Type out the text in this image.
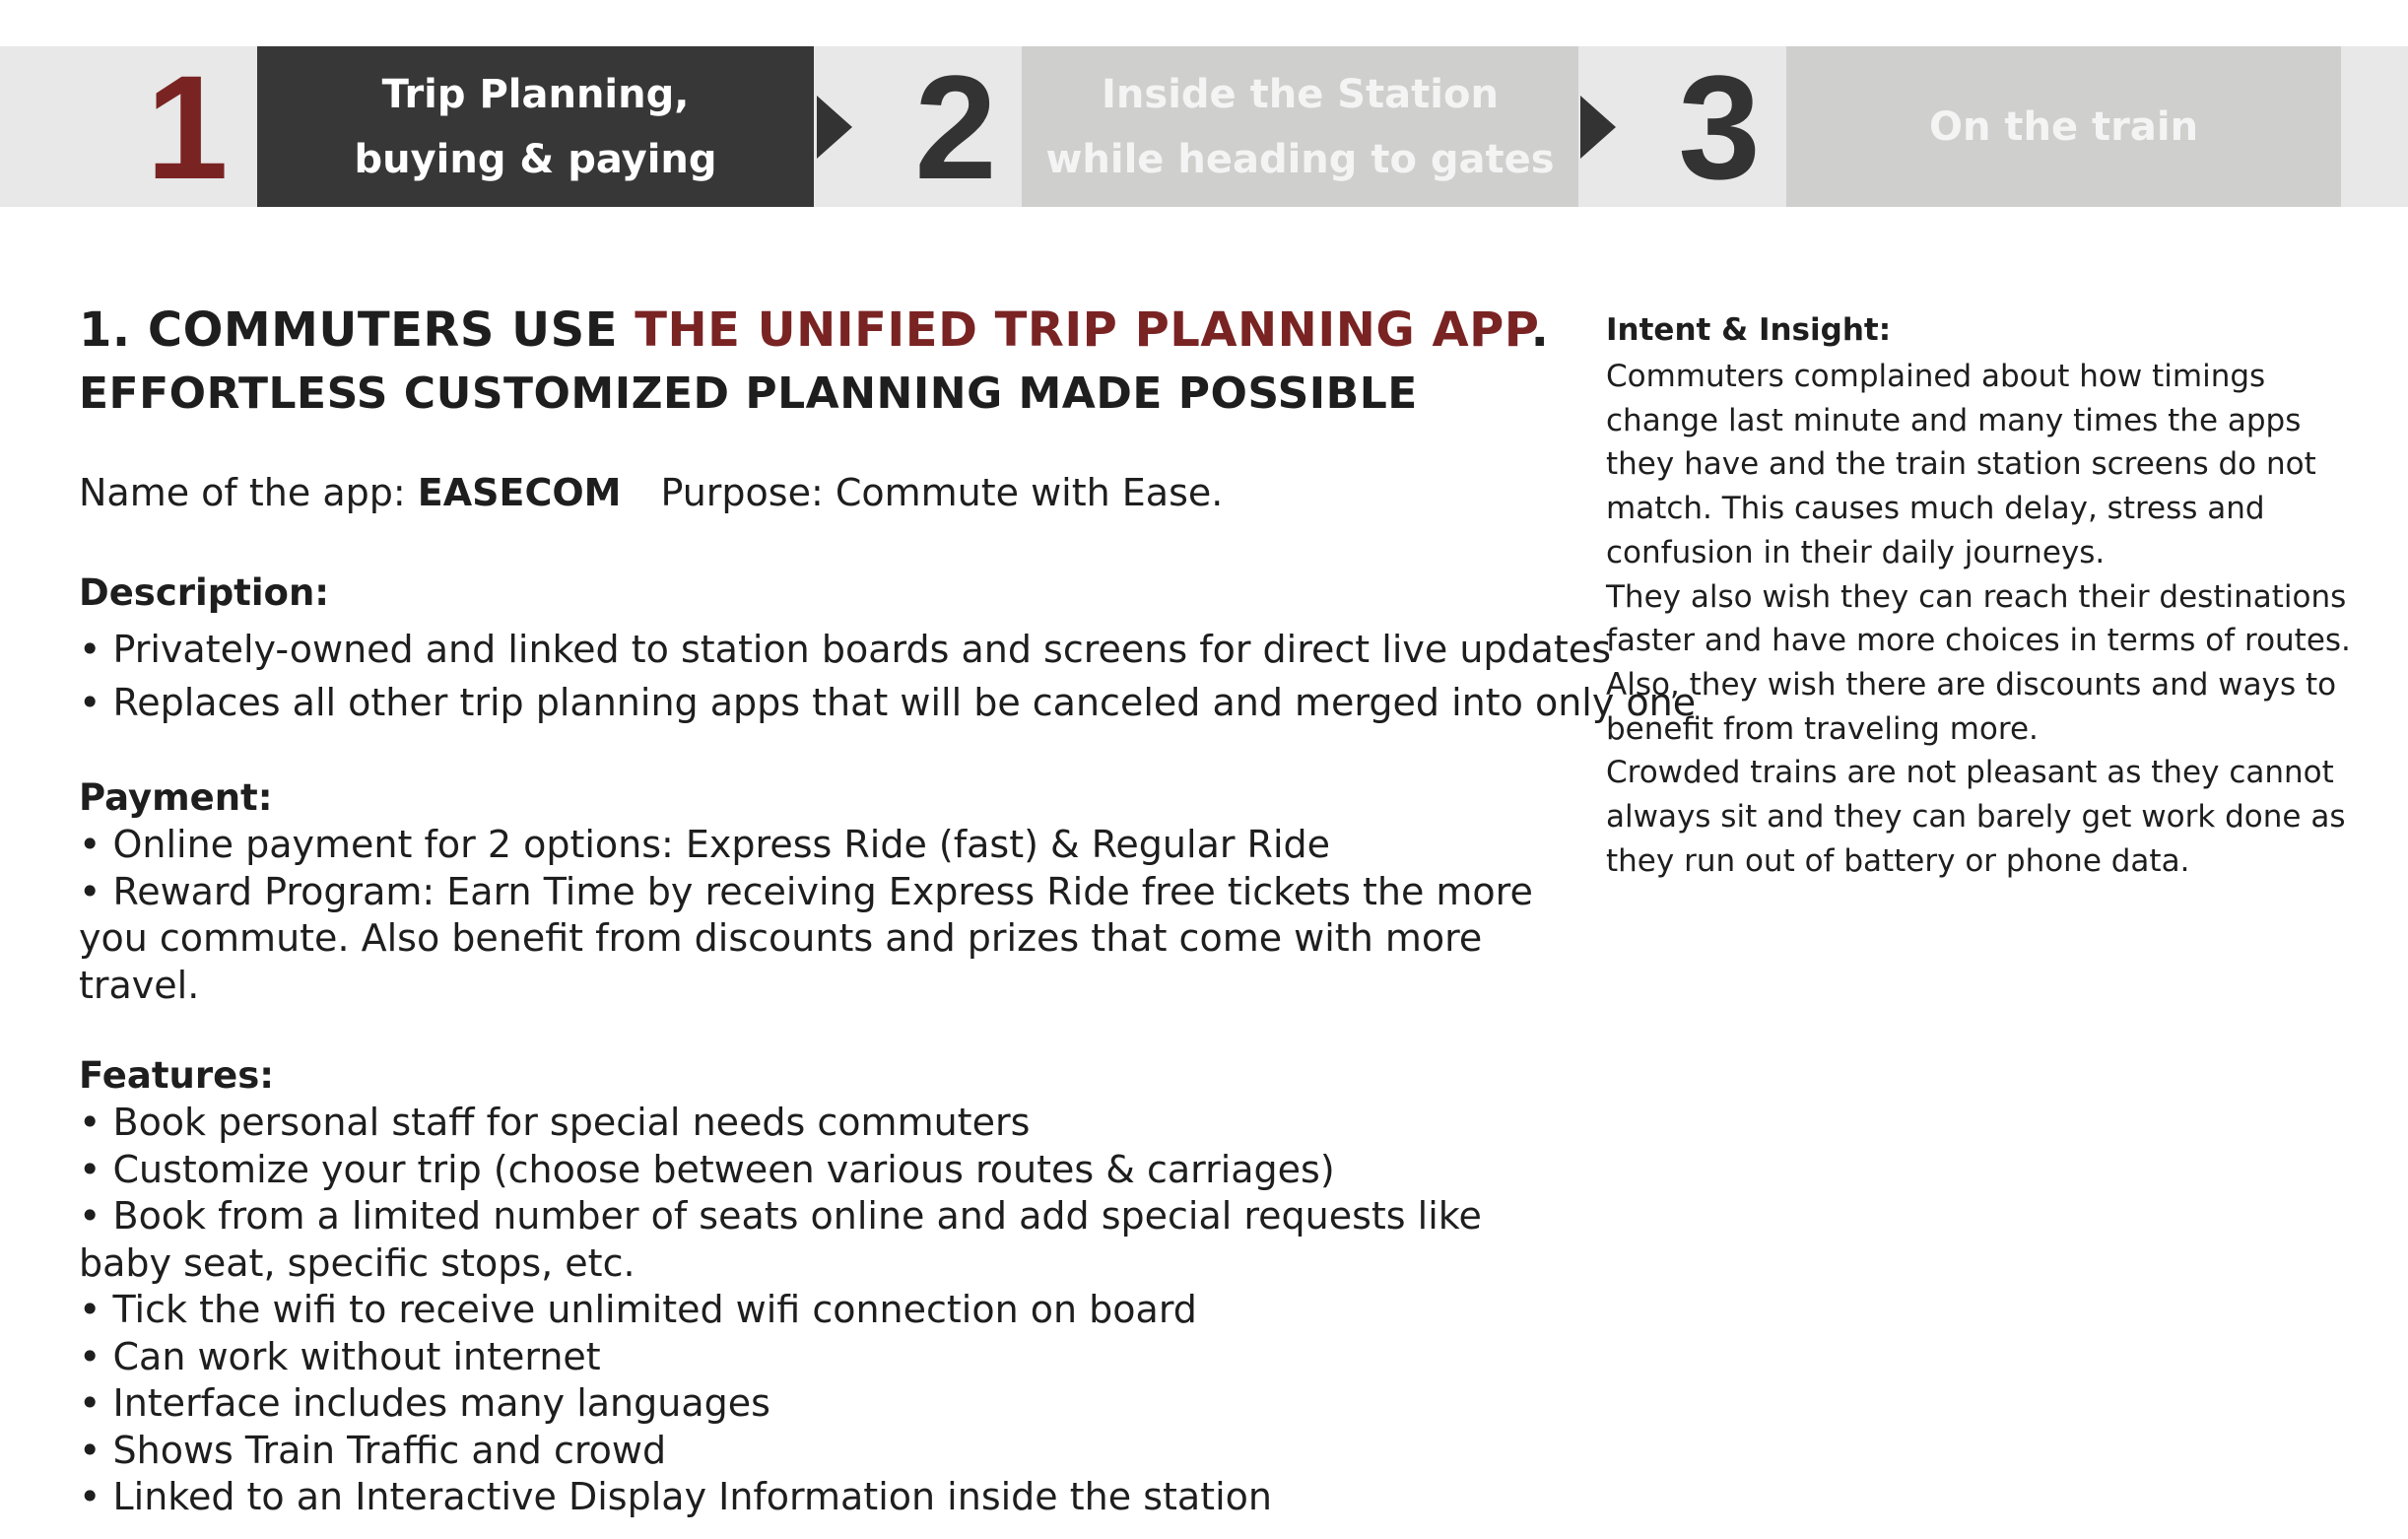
1	Trip Planning,
buying & paying	2	Inside the Station
while heading to gates 3	On the train
1. COMMUTERS USE THE UNIFIED TRIP PLANNING APP.
EFFORTLESS CUSTOMIZED PLANNING MADE POSSIBLE
Name of the app: EASECOM Purpose: Commute with Ease.

Description:

• Privately-owned and linked to station boards and screens for direct live updates
• Replaces all other trip planning apps that will be canceled and merged into only one

Payment:

• Online payment for 2 options: Express Ride (fast) & Regular Ride
• Reward Program: Earn Time by receiving Express Ride free tickets the more you commute. Also benefit from discounts and prizes that come with more travel.

Features:

• Book personal staff for special needs commuters
• Customize your trip (choose between various routes & carriages)
• Book from a limited number of seats online and add special requests like baby seat, specific stops, etc.
• Tick the wifi to receive unlimited wifi connection on board
• Can work without internet
• Interface includes many languages
• Shows Train Traffic and crowd
• Linked to an Interactive Display Information inside the station

Intent & Insight:

Commuters complained about how timings change last minute and many times the apps they have and the train station screens do not match. This causes much delay, stress and confusion in their daily journeys.

They also wish they can reach their destinations faster and have more choices in terms of routes. Also, they wish there are discounts and ways to benefit from traveling more.

Crowded trains are not pleasant as they cannot always sit and they can barely get work done as they run out of battery or phone data.
